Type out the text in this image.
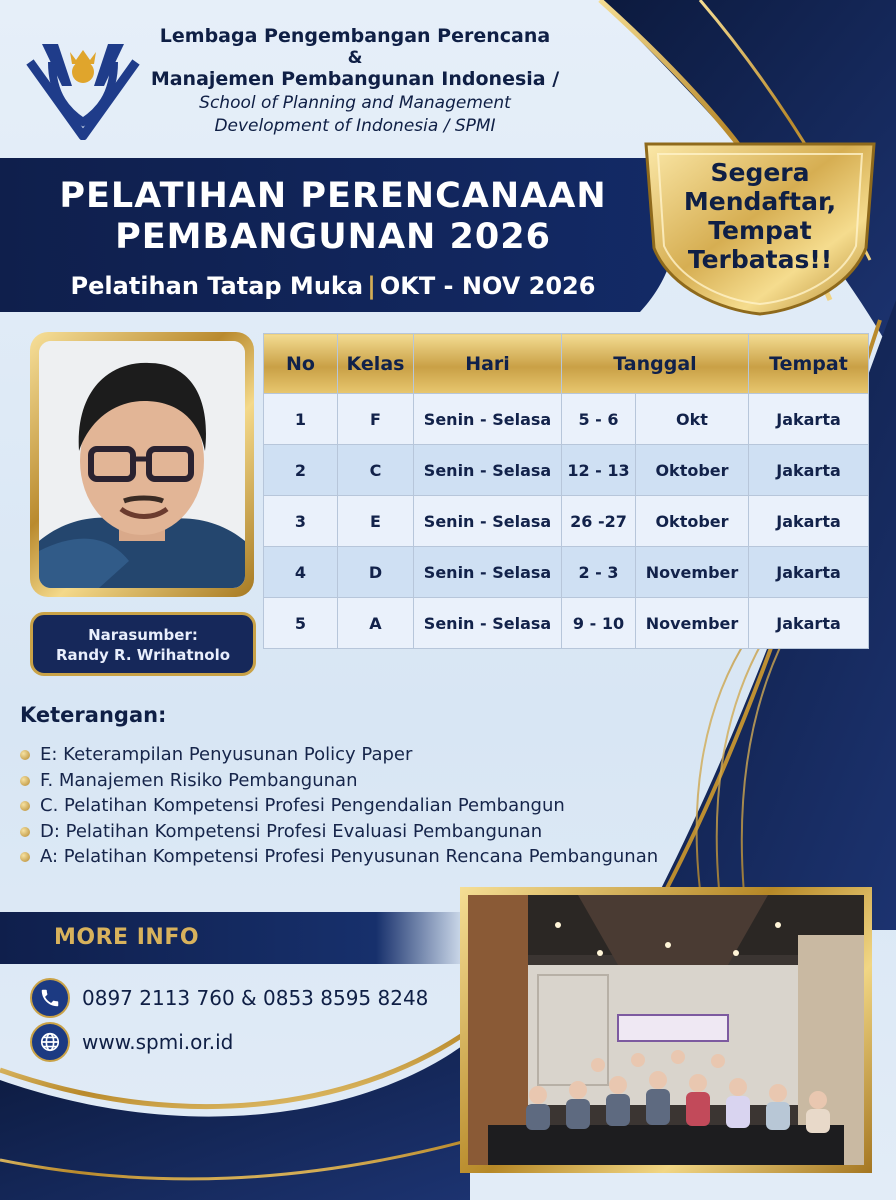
Lembaga Pengembangan Perencana
&
Manajemen Pembangunan Indonesia /
School of Planning and Management
Development of Indonesia / SPMI
PELATIHAN PERENCANAAN
PEMBANGUNAN 2026
Pelatihan Tatap Muka | OKT - NOV 2026
Segera
Mendaftar,
Tempat
Terbatas!!
Narasumber:
Randy R. Wrihatnolo
No	Kelas	Hari	Tanggal		Tempat
1	F	Senin - Selasa	5 - 6	Okt	Jakarta
2	C	Senin - Selasa	12 - 13	Oktober	Jakarta
3	E	Senin - Selasa	26 -27	Oktober	Jakarta
4	D	Senin - Selasa	2 - 3	November	Jakarta
5	A	Senin - Selasa	9 - 10	November	Jakarta
Keterangan:
E: Keterampilan Penyusunan Policy Paper
F. Manajemen Risiko Pembangunan
C. Pelatihan Kompetensi Profesi Pengendalian Pembangun
D: Pelatihan Kompetensi Profesi Evaluasi Pembangunan
A: Pelatihan Kompetensi Profesi Penyusunan Rencana Pembangunan
MORE INFO
0897 2113 760 & 0853 8595 8248
www.spmi.or.id
